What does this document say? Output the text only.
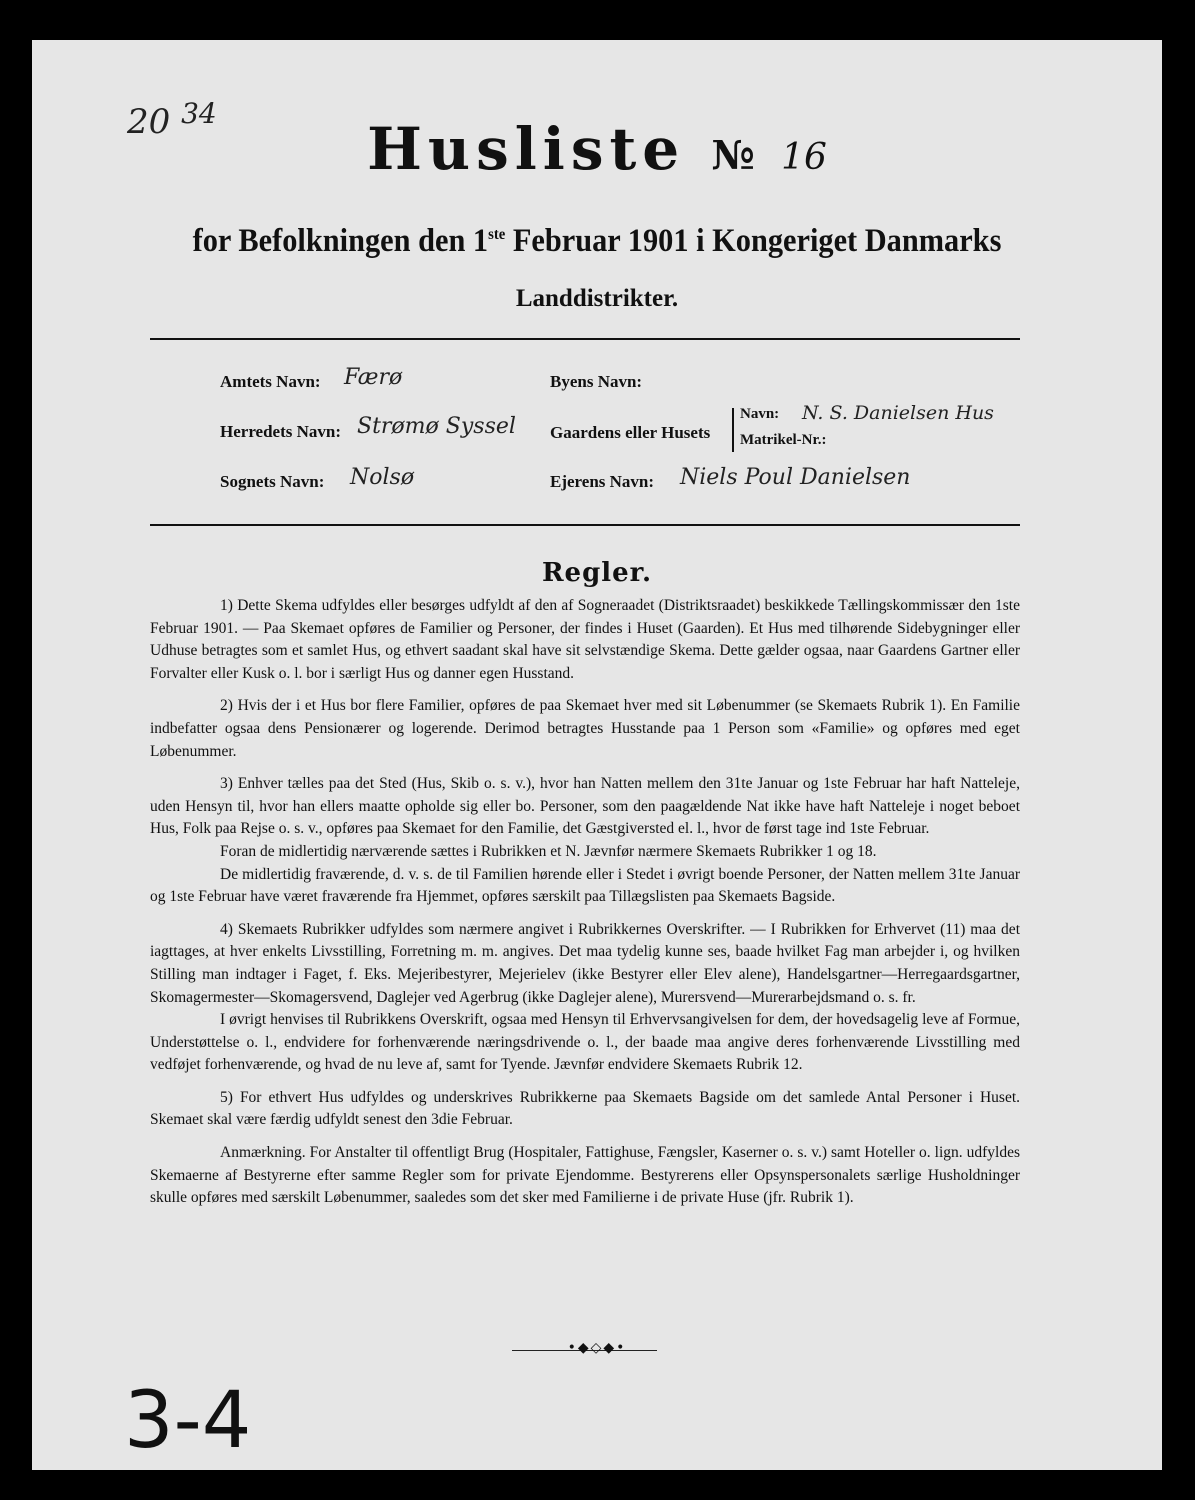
20 $^{34}$
Husliste № 16
for Befolkningen den 1ste Februar 1901 i Kongeriget Danmarks
Landdistrikter.
Amtets Navn: Færø
Herredets Navn: Strømø Syssel
Sognets Navn: Nolsø
Byens Navn:
Gaardens eller Husets
Navn: N. S. Danielsen Hus
Matrikel-Nr.:
Ejerens Navn: Niels Poul Danielsen
Regler.

1) Dette Skema udfyldes eller besørges udfyldt af den af Sogneraadet (Distriktsraadet) beskikkede Tællingskommissær den 1ste Februar 1901. — Paa Skemaet opføres de Familier og Personer, der findes i Huset (Gaarden). Et Hus med tilhørende Sidebygninger eller Udhuse betragtes som et samlet Hus, og ethvert saadant skal have sit selvstændige Skema. Dette gælder ogsaa, naar Gaardens Gartner eller Forvalter eller Kusk o. l. bor i særligt Hus og danner egen Husstand.

2) Hvis der i et Hus bor flere Familier, opføres de paa Skemaet hver med sit Løbenummer (se Skemaets Rubrik 1). En Familie indbefatter ogsaa dens Pensionærer og logerende. Derimod betragtes Husstande paa 1 Person som «Familie» og opføres med eget Løbenummer.

3) Enhver tælles paa det Sted (Hus, Skib o. s. v.), hvor han Natten mellem den 31te Januar og 1ste Februar har haft Natteleje, uden Hensyn til, hvor han ellers maatte opholde sig eller bo. Personer, som den paagældende Nat ikke have haft Natteleje i noget beboet Hus, Folk paa Rejse o. s. v., opføres paa Skemaet for den Familie, det Gæstgiversted el. l., hvor de først tage ind 1ste Februar.

Foran de midlertidig nærværende sættes i Rubrikken et N. Jævnfør nærmere Skemaets Rubrikker 1 og 18.

De midlertidig fraværende, d. v. s. de til Familien hørende eller i Stedet i øvrigt boende Personer, der Natten mellem 31te Januar og 1ste Februar have været fraværende fra Hjemmet, opføres særskilt paa Tillægslisten paa Skemaets Bagside.

4) Skemaets Rubrikker udfyldes som nærmere angivet i Rubrikkernes Overskrifter. — I Rubrikken for Erhvervet (11) maa det iagttages, at hver enkelts Livsstilling, Forretning m. m. angives. Det maa tydelig kunne ses, baade hvilket Fag man arbejder i, og hvilken Stilling man indtager i Faget, f. Eks. Mejeribestyrer, Mejerielev (ikke Bestyrer eller Elev alene), Handelsgartner—Herregaardsgartner, Skomagermester—Skomagersvend, Daglejer ved Agerbrug (ikke Daglejer alene), Murersvend—Murerarbejdsmand o. s. fr.

I øvrigt henvises til Rubrikkens Overskrift, ogsaa med Hensyn til Erhvervsangivelsen for dem, der hovedsagelig leve af Formue, Understøttelse o. l., endvidere for forhenværende næringsdrivende o. l., der baade maa angive deres forhenværende Livsstilling med vedføjet forhenværende, og hvad de nu leve af, samt for Tyende. Jævnfør endvidere Skemaets Rubrik 12.

5) For ethvert Hus udfyldes og underskrives Rubrikkerne paa Skemaets Bagside om det samlede Antal Personer i Huset. Skemaet skal være færdig udfyldt senest den 3die Februar.

Anmærkning. For Anstalter til offentligt Brug (Hospitaler, Fattighuse, Fængsler, Kaserner o. s. v.) samt Hoteller o. lign. udfyldes Skemaerne af Bestyrerne efter samme Regler som for private Ejendomme. Bestyrerens eller Opsynspersonalets særlige Husholdninger skulle opføres med særskilt Løbenummer, saaledes som det sker med Familierne i de private Huse (jfr. Rubrik 1).

•◆◇◆•
3-4
